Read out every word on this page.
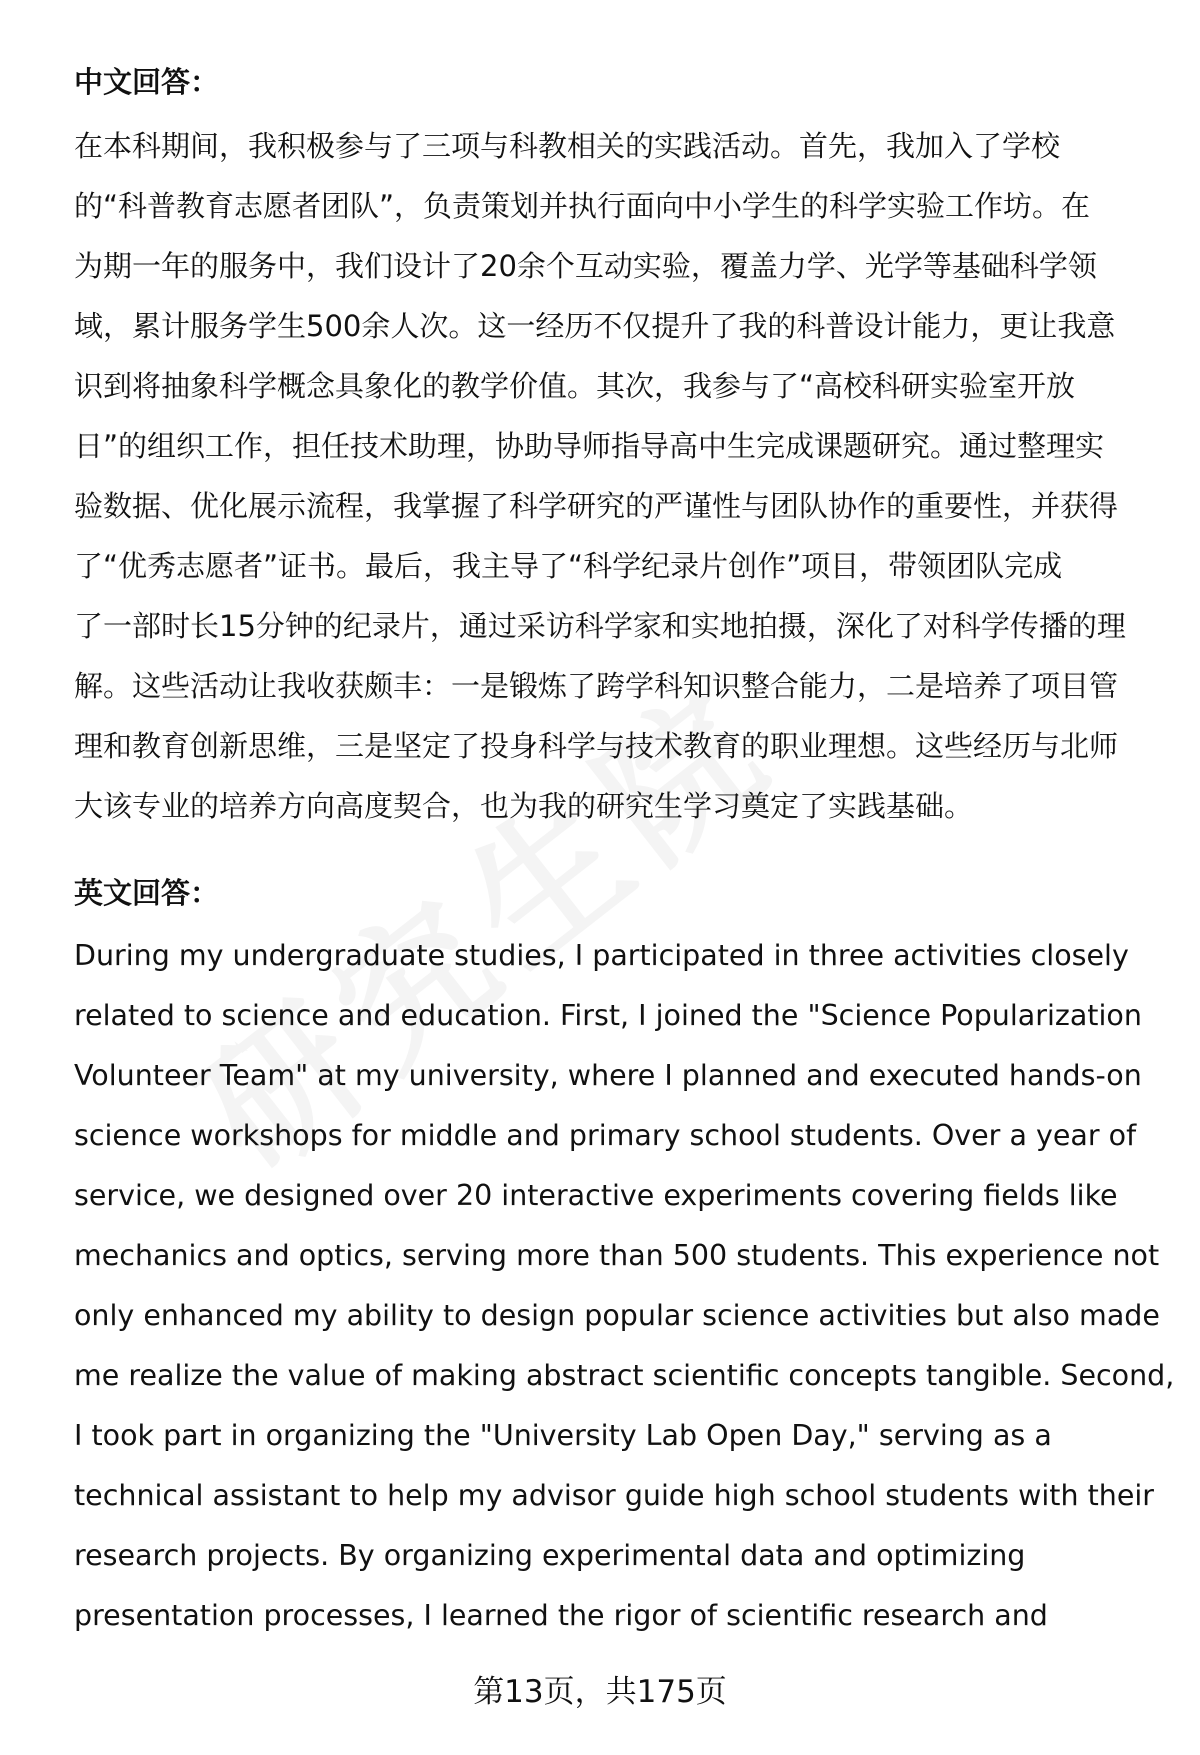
中文回答：
在本科期间，我积极参与了三项与科教相关的实践活动。首先，我加入了学校
的“科普教育志愿者团队”，负责策划并执行面向中小学生的科学实验工作坊。在
为期一年的服务中，我们设计了20余个互动实验，覆盖力学、光学等基础科学领
域，累计服务学生500余人次。这一经历不仅提升了我的科普设计能力，更让我意
识到将抽象科学概念具象化的教学价值。其次，我参与了“高校科研实验室开放
日”的组织工作，担任技术助理，协助导师指导高中生完成课题研究。通过整理实
验数据、优化展示流程，我掌握了科学研究的严谨性与团队协作的重要性，并获得
了“优秀志愿者”证书。最后，我主导了“科学纪录片创作”项目，带领团队完成
了一部时长15分钟的纪录片，通过采访科学家和实地拍摄，深化了对科学传播的理
解。这些活动让我收获颇丰：一是锻炼了跨学科知识整合能力，二是培养了项目管
理和教育创新思维，三是坚定了投身科学与技术教育的职业理想。这些经历与北师
大该专业的培养方向高度契合，也为我的研究生学习奠定了实践基础。
英文回答：
During my undergraduate studies, I participated in three activities closely
related to science and education. First, I joined the "Science Popularization
Volunteer Team" at my university, where I planned and executed hands-on
science workshops for middle and primary school students. Over a year of
service, we designed over 20 interactive experiments covering fields like
mechanics and optics, serving more than 500 students. This experience not
only enhanced my ability to design popular science activities but also made
me realize the value of making abstract scientific concepts tangible. Second,
I took part in organizing the "University Lab Open Day," serving as a
technical assistant to help my advisor guide high school students with their
research projects. By organizing experimental data and optimizing
presentation processes, I learned the rigor of scientific research and
第13页，共175页
